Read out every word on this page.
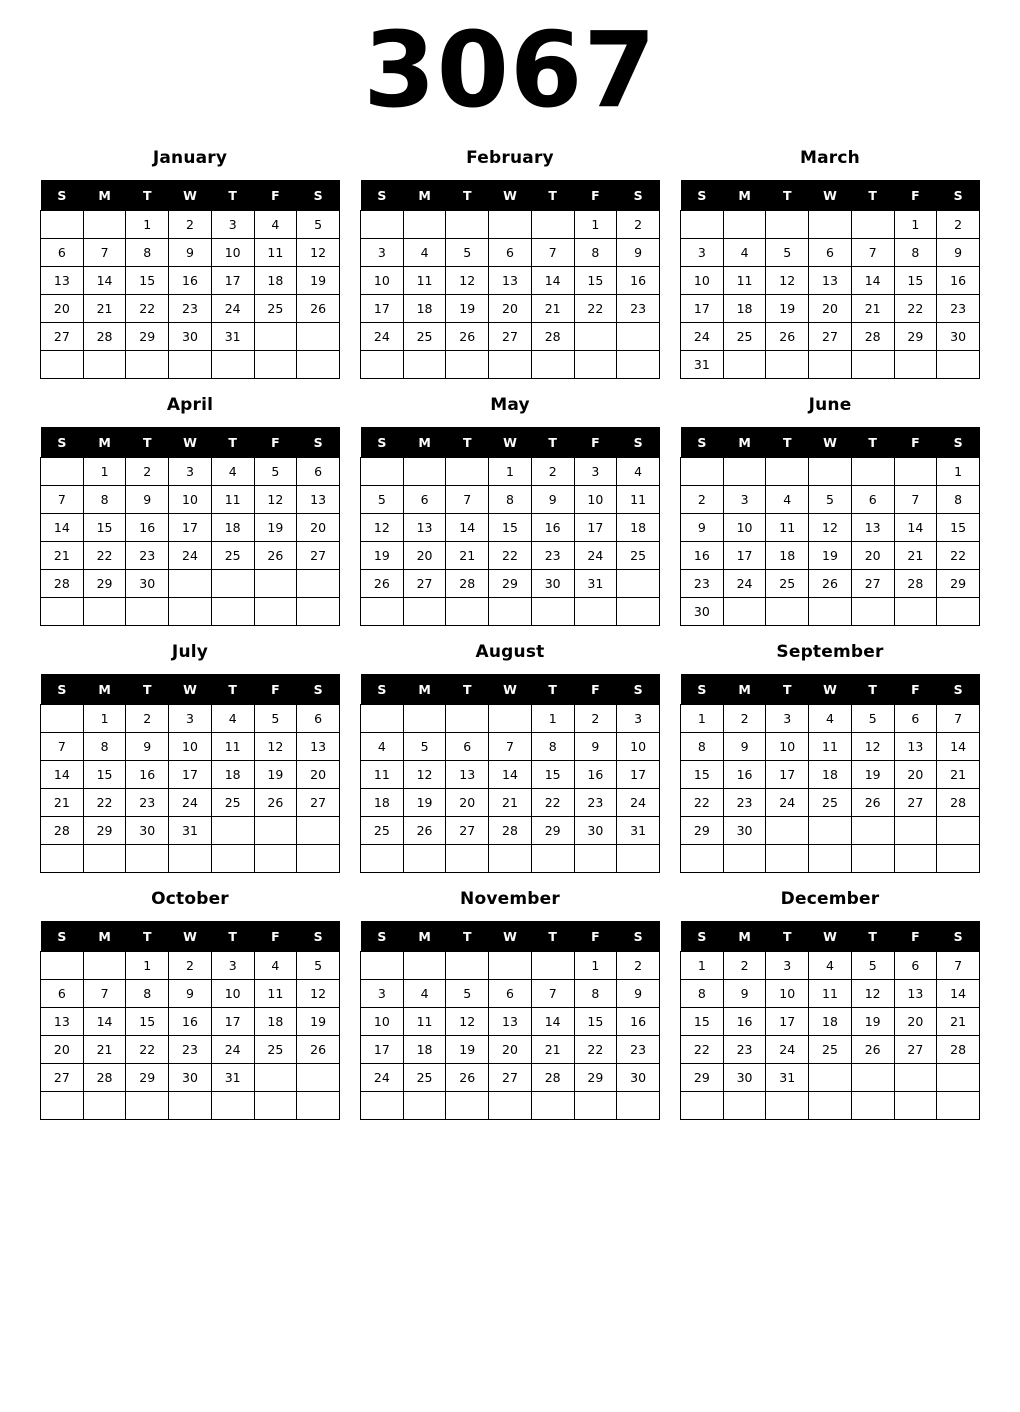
3067
January
S	M	T	W	T	F	S
		1	2	3	4	5
6	7	8	9	10	11	12
13	14	15	16	17	18	19
20	21	22	23	24	25	26
27	28	29	30	31		

February
S	M	T	W	T	F	S
					1	2
3	4	5	6	7	8	9
10	11	12	13	14	15	16
17	18	19	20	21	22	23
24	25	26	27	28		

March
S	M	T	W	T	F	S
					1	2
3	4	5	6	7	8	9
10	11	12	13	14	15	16
17	18	19	20	21	22	23
24	25	26	27	28	29	30
31						
April
S	M	T	W	T	F	S
	1	2	3	4	5	6
7	8	9	10	11	12	13
14	15	16	17	18	19	20
21	22	23	24	25	26	27
28	29	30				

May
S	M	T	W	T	F	S
			1	2	3	4
5	6	7	8	9	10	11
12	13	14	15	16	17	18
19	20	21	22	23	24	25
26	27	28	29	30	31	

June
S	M	T	W	T	F	S
						1
2	3	4	5	6	7	8
9	10	11	12	13	14	15
16	17	18	19	20	21	22
23	24	25	26	27	28	29
30						
July
S	M	T	W	T	F	S
	1	2	3	4	5	6
7	8	9	10	11	12	13
14	15	16	17	18	19	20
21	22	23	24	25	26	27
28	29	30	31			

August
S	M	T	W	T	F	S
				1	2	3
4	5	6	7	8	9	10
11	12	13	14	15	16	17
18	19	20	21	22	23	24
25	26	27	28	29	30	31

September
S	M	T	W	T	F	S
1	2	3	4	5	6	7
8	9	10	11	12	13	14
15	16	17	18	19	20	21
22	23	24	25	26	27	28
29	30					

October
S	M	T	W	T	F	S
		1	2	3	4	5
6	7	8	9	10	11	12
13	14	15	16	17	18	19
20	21	22	23	24	25	26
27	28	29	30	31		

November
S	M	T	W	T	F	S
					1	2
3	4	5	6	7	8	9
10	11	12	13	14	15	16
17	18	19	20	21	22	23
24	25	26	27	28	29	30

December
S	M	T	W	T	F	S
1	2	3	4	5	6	7
8	9	10	11	12	13	14
15	16	17	18	19	20	21
22	23	24	25	26	27	28
29	30	31				
